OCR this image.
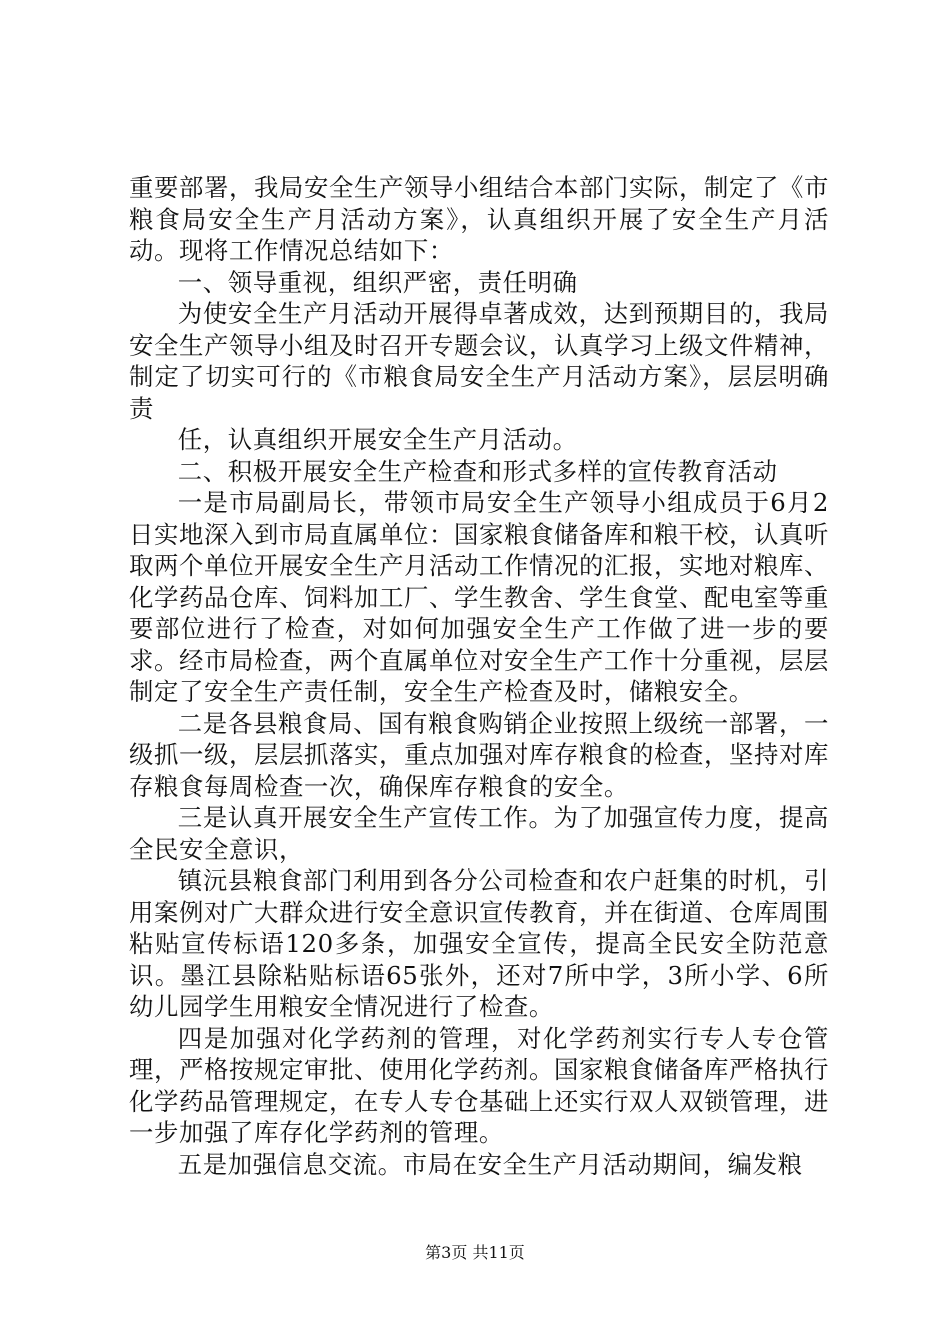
重要部署，我局安全生产领导小组结合本部门实际，制定了《市粮食局安全生产月活动方案》，认真组织开展了安全生产月活动。现将工作情况总结如下：

一、领导重视，组织严密，责任明确

为使安全生产月活动开展得卓著成效，达到预期目的，我局安全生产领导小组及时召开专题会议，认真学习上级文件精神，制定了切实可行的《市粮食局安全生产月活动方案》，层层明确责

任，认真组织开展安全生产月活动。

二、积极开展安全生产检查和形式多样的宣传教育活动

一是市局副局长，带领市局安全生产领导小组成员于6月2日实地深入到市局直属单位：国家粮食储备库和粮干校，认真听取两个单位开展安全生产月活动工作情况的汇报，实地对粮库、化学药品仓库、饲料加工厂、学生教舍、学生食堂、配电室等重要部位进行了检查，对如何加强安全生产工作做了进一步的要求。经市局检查，两个直属单位对安全生产工作十分重视，层层制定了安全生产责任制，安全生产检查及时，储粮安全。

二是各县粮食局、国有粮食购销企业按照上级统一部署，一级抓一级，层层抓落实，重点加强对库存粮食的检查，坚持对库存粮食每周检查一次，确保库存粮食的安全。

三是认真开展安全生产宣传工作。为了加强宣传力度，提高全民安全意识，

镇沅县粮食部门利用到各分公司检查和农户赶集的时机，引用案例对广大群众进行安全意识宣传教育，并在街道、仓库周围粘贴宣传标语120多条，加强安全宣传，提高全民安全防范意识。墨江县除粘贴标语65张外，还对7所中学，3所小学、6所幼儿园学生用粮安全情况进行了检查。

四是加强对化学药剂的管理，对化学药剂实行专人专仓管理，严格按规定审批、使用化学药剂。国家粮食储备库严格执行化学药品管理规定，在专人专仓基础上还实行双人双锁管理，进一步加强了库存化学药剂的管理。

五是加强信息交流。市局在安全生产月活动期间，编发粮

第3页 共11页
